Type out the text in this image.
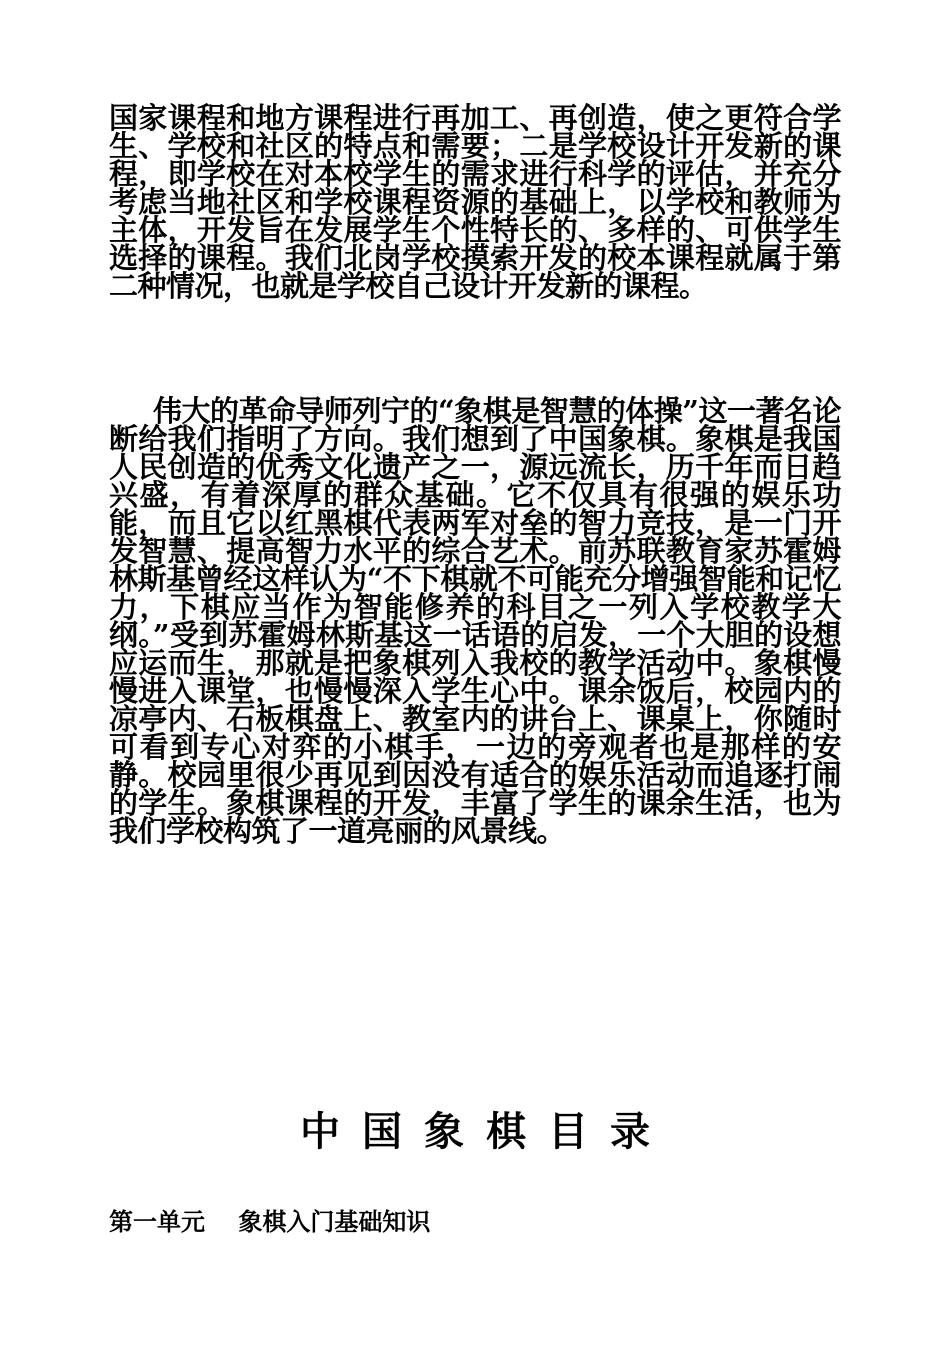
国家课程和地方课程进行再加工、再创造，使之更符合学生、学校和社区的特点和需要；二是学校设计开发新的课程，即学校在对本校学生的需求进行科学的评估，并充分考虑当地社区和学校课程资源的基础上，以学校和教师为主体，开发旨在发展学生个性特长的、多样的、可供学生选择的课程。我们北岗学校摸索开发的校本课程就属于第二种情况，也就是学校自己设计开发新的课程。

伟大的革命导师列宁的“象棋是智慧的体操”这一著名论断给我们指明了方向。我们想到了中国象棋。象棋是我国人民创造的优秀文化遗产之一，源远流长，历千年而日趋兴盛，有着深厚的群众基础。它不仅具有很强的娱乐功能，而且它以红黑棋代表两军对垒的智力竞技，是一门开发智慧、提高智力水平的综合艺术。前苏联教育家苏霍姆林斯基曾经这样认为“不下棋就不可能充分增强智能和记忆力，下棋应当作为智能修养的科目之一列入学校教学大纲。”受到苏霍姆林斯基这一话语的启发，一个大胆的设想应运而生，那就是把象棋列入我校的教学活动中。象棋慢慢进入课堂，也慢慢深入学生心中。课余饭后，校园内的凉亭内、石板棋盘上、教室内的讲台上、课桌上，你随时可看到专心对弈的小棋手，一边的旁观者也是那样的安静。校园里很少再见到因没有适合的娱乐活动而追逐打闹的学生。象棋课程的开发，丰富了学生的课余生活，也为我们学校构筑了一道亮丽的风景线。

中国象棋目录

第一单元    象棋入门基础知识
